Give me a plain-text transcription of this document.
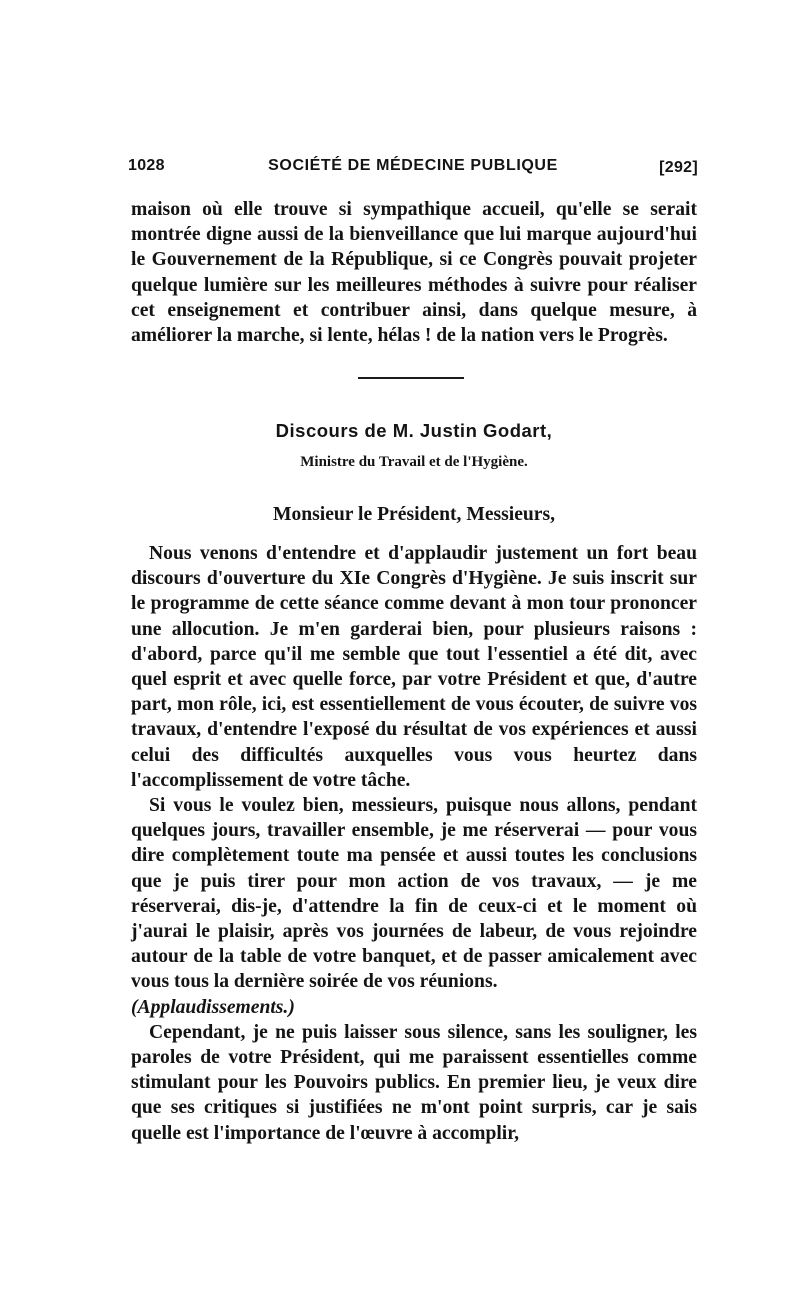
1028	SOCIÉTÉ DE MÉDECINE PUBLIQUE	[292]

maison où elle trouve si sympathique accueil, qu'elle se serait montrée digne aussi de la bienveillance que lui marque aujourd'hui le Gouvernement de la République, si ce Congrès pouvait projeter quelque lumière sur les meilleures méthodes à suivre pour réaliser cet enseignement et contribuer ainsi, dans quelque mesure, à améliorer la marche, si lente, hélas ! de la nation vers le Progrès.

Discours de M. Justin Godart,
Ministre du Travail et de l'Hygiène.
Monsieur le Président, Messieurs,

Nous venons d'entendre et d'applaudir justement un fort beau discours d'ouverture du XIe Congrès d'Hygiène. Je suis inscrit sur le programme de cette séance comme devant à mon tour prononcer une allocution. Je m'en garderai bien, pour plusieurs raisons : d'abord, parce qu'il me semble que tout l'essentiel a été dit, avec quel esprit et avec quelle force, par votre Président et que, d'autre part, mon rôle, ici, est essentiellement de vous écouter, de suivre vos travaux, d'entendre l'exposé du résultat de vos expériences et aussi celui des difficultés auxquelles vous vous heurtez dans l'accomplissement de votre tâche.

Si vous le voulez bien, messieurs, puisque nous allons, pendant quelques jours, travailler ensemble, je me réserverai — pour vous dire complètement toute ma pensée et aussi toutes les conclusions que je puis tirer pour mon action de vos travaux, — je me réserverai, dis-je, d'attendre la fin de ceux-ci et le moment où j'aurai le plaisir, après vos journées de labeur, de vous rejoindre autour de la table de votre banquet, et de passer amicalement avec vous tous la dernière soirée de vos réunions.

(Applaudissements.)

Cependant, je ne puis laisser sous silence, sans les souligner, les paroles de votre Président, qui me paraissent essentielles comme stimulant pour les Pouvoirs publics. En premier lieu, je veux dire que ses critiques si justifiées ne m'ont point surpris, car je sais quelle est l'importance de l'œuvre à accomplir,
